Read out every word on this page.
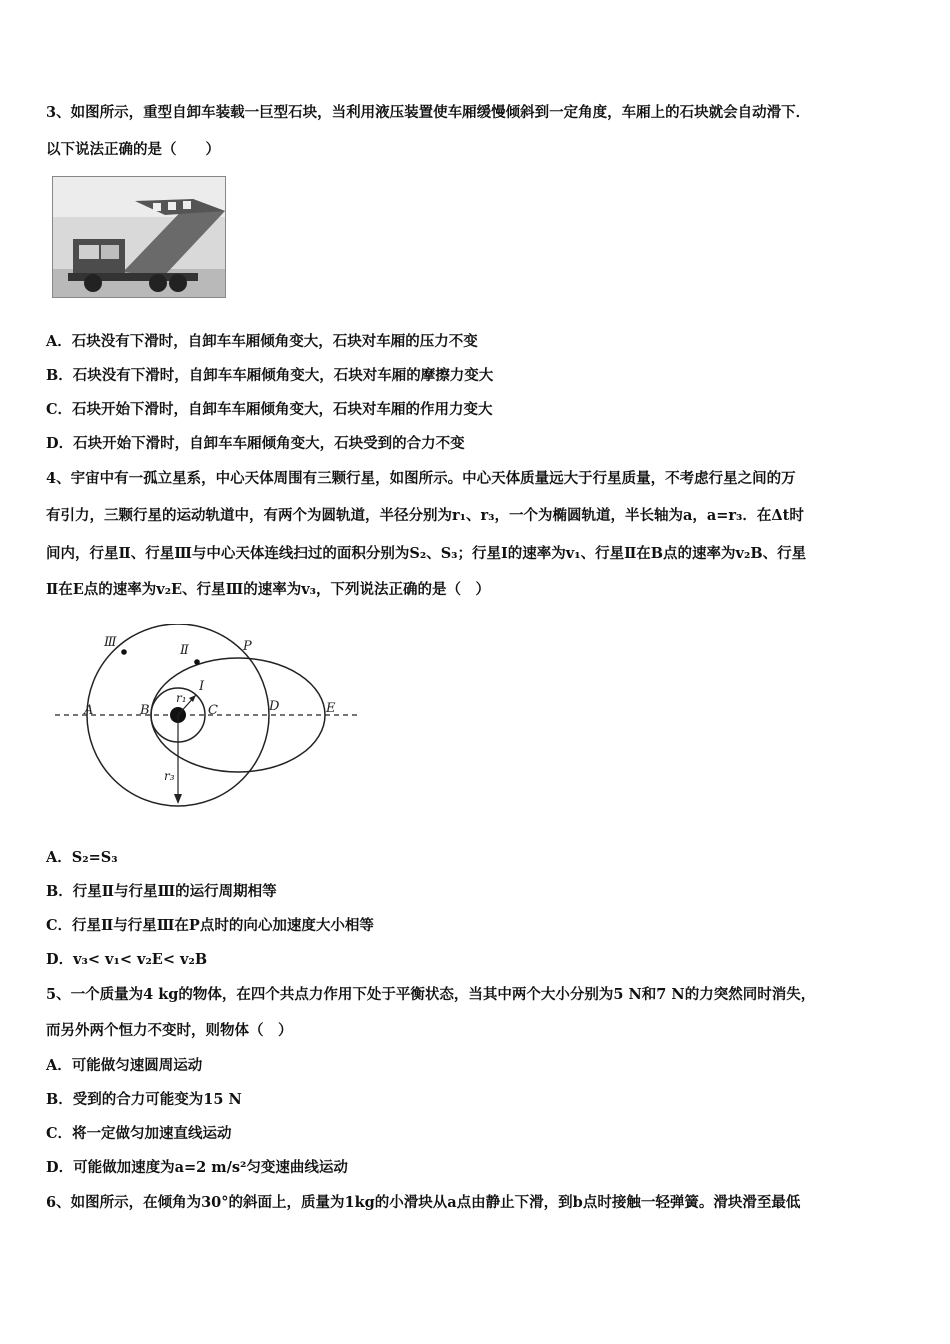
3、如图所示，重型自卸车装载一巨型石块，当利用液压装置使车厢缓慢倾斜到一定角度，车厢上的石块就会自动滑下．
以下说法正确的是（　　）
A．石块没有下滑时，自卸车车厢倾角变大，石块对车厢的压力不变
B．石块没有下滑时，自卸车车厢倾角变大，石块对车厢的摩擦力变大
C．石块开始下滑时，自卸车车厢倾角变大，石块对车厢的作用力变大
D．石块开始下滑时，自卸车车厢倾角变大，石块受到的合力不变
4、宇宙中有一孤立星系，中心天体周围有三颗行星，如图所示。中心天体质量远大于行星质量，不考虑行星之间的万
有引力，三颗行星的运动轨道中，有两个为圆轨道，半径分别为r₁、r₃，一个为椭圆轨道，半长轴为a，a=r₃．在Δt时
间内，行星Ⅱ、行星Ⅲ与中心天体连线扫过的面积分别为S₂、S₃；行星Ⅰ的速率为v₁、行星Ⅱ在B点的速率为v₂B、行星
Ⅱ在E点的速率为v₂E、行星Ⅲ的速率为v₃，下列说法正确的是（　）
Ⅲ
Ⅱ
I
P
A	B	C	D	E
r₁
r₃
A．S₂=S₃
B．行星Ⅱ与行星Ⅲ的运行周期相等
C．行星Ⅱ与行星Ⅲ在P点时的向心加速度大小相等
D．v₃< v₁< v₂E< v₂B
5、一个质量为4 kg的物体，在四个共点力作用下处于平衡状态，当其中两个大小分别为5 N和7 N的力突然同时消失，
而另外两个恒力不变时，则物体（　）
A．可能做匀速圆周运动
B．受到的合力可能变为15 N
C．将一定做匀加速直线运动
D．可能做加速度为a=2 m/s²匀变速曲线运动
6、如图所示，在倾角为30°的斜面上，质量为1kg的小滑块从a点由静止下滑，到b点时接触一轻弹簧。滑块滑至最低
